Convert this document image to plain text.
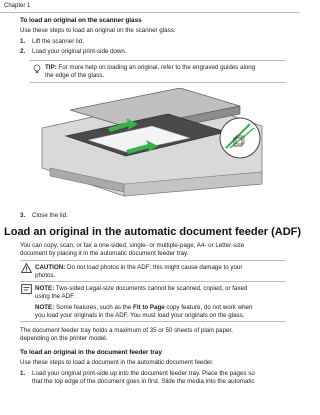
Chapter 1
To load an original on the scanner glass
Use these steps to load an original on the scanner glass.
1. Lift the scanner lid.
2. Load your original print-side down.
TIP: For more help on loading an original, refer to the engraved guides along
the edge of the glass.
3. Close the lid.
Load an original in the automatic document feeder (ADF)
You can copy, scan, or fax a one-sided, single- or multiple-page, A4- or Letter-size
document by placing it in the automatic document feeder tray.
CAUTION: Do not load photos in the ADF; this might cause damage to your
photos.
NOTE: Two-sided Legal-size documents cannot be scanned, copied, or faxed
using the ADF.
NOTE: Some features, such as the Fit to Page copy feature, do not work when
you load your originals in the ADF. You must load your originals on the glass.
The document feeder tray holds a maximum of 35 or 50 sheets of plain paper,
depending on the printer model.
To load an original in the document feeder tray
Use these steps to load a document in the automatic document feeder.
1. Load your original print-side up into the document feeder tray. Place the pages so
that the top edge of the document goes in first. Slide the media into the automatic
